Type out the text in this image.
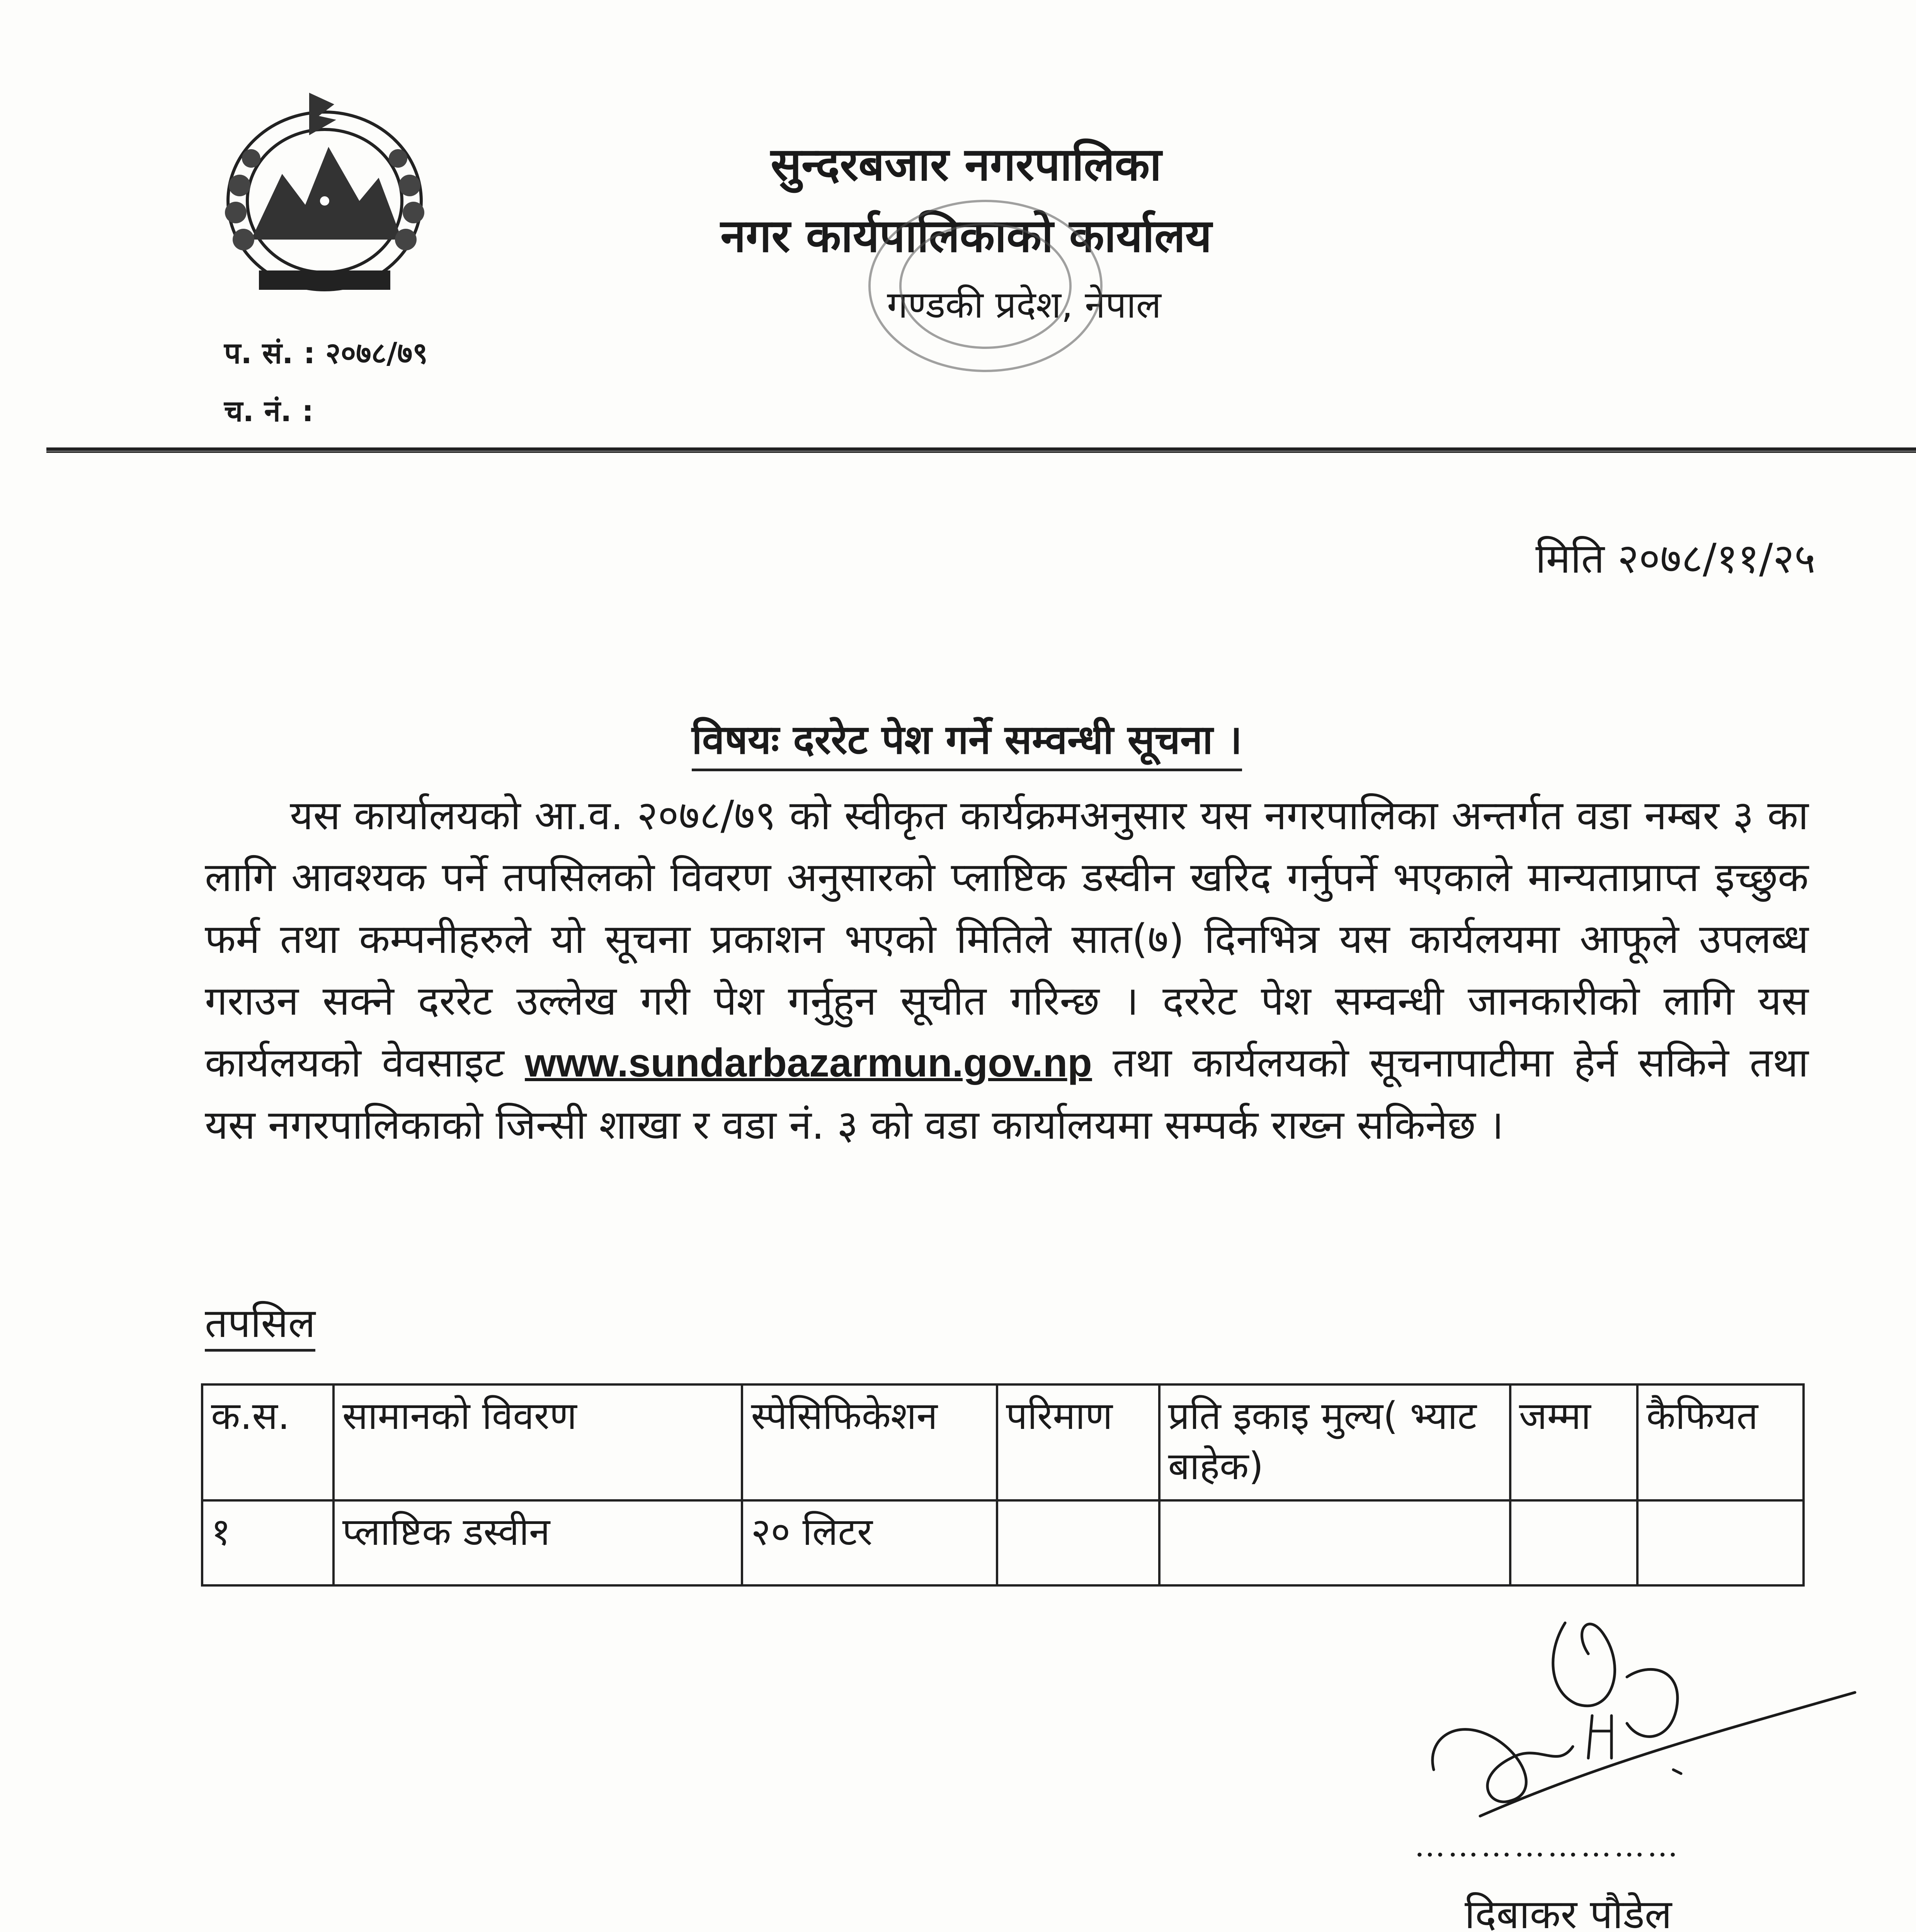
सुन्दरबजार नगरपालिका
नगर कार्यपालिकाको कार्यालय
गण्डकी प्रदेश, नेपाल
प. सं. : २०७८/७९
च. नं. :
मिति २०७८/११/२५
विषयः दररेट पेश गर्ने सम्वन्धी सूचना ।

यस कार्यालयको आ.व. २०७८/७९ को स्वीकृत कार्यक्रमअनुसार यस नगरपालिका अन्तर्गत वडा नम्बर ३ का लागि आवश्यक पर्ने तपसिलको विवरण अनुसारको प्लाष्टिक डस्वीन खरिद गर्नुपर्ने भएकाले मान्यताप्राप्त इच्छुक फर्म तथा कम्पनीहरुले यो सूचना प्रकाशन भएको मितिले सात(७) दिनभित्र यस कार्यलयमा आफूले उपलब्ध गराउन सक्ने दररेट उल्लेख गरी पेश गर्नुहुन सूचीत गरिन्छ । दररेट पेश सम्वन्धी जानकारीको लागि यस कार्यलयको वेवसाइट www.sundarbazarmun.gov.np तथा कार्यलयको सूचनापाटीमा हेर्न सकिने तथा यस नगरपालिकाको जिन्सी शाखा र वडा नं. ३ को वडा कार्यालयमा सम्पर्क राख्न सकिनेछ ।

तपसिल
क.स.	सामानको विवरण	स्पेसिफिकेशन	परिमाण	प्रति इकाइ मुल्य( भ्याट बाहेक)	जम्मा	कैफियत
१	प्लाष्टिक डस्वीन	२० लिटर				
……………………
दिबाकर पौडेल
